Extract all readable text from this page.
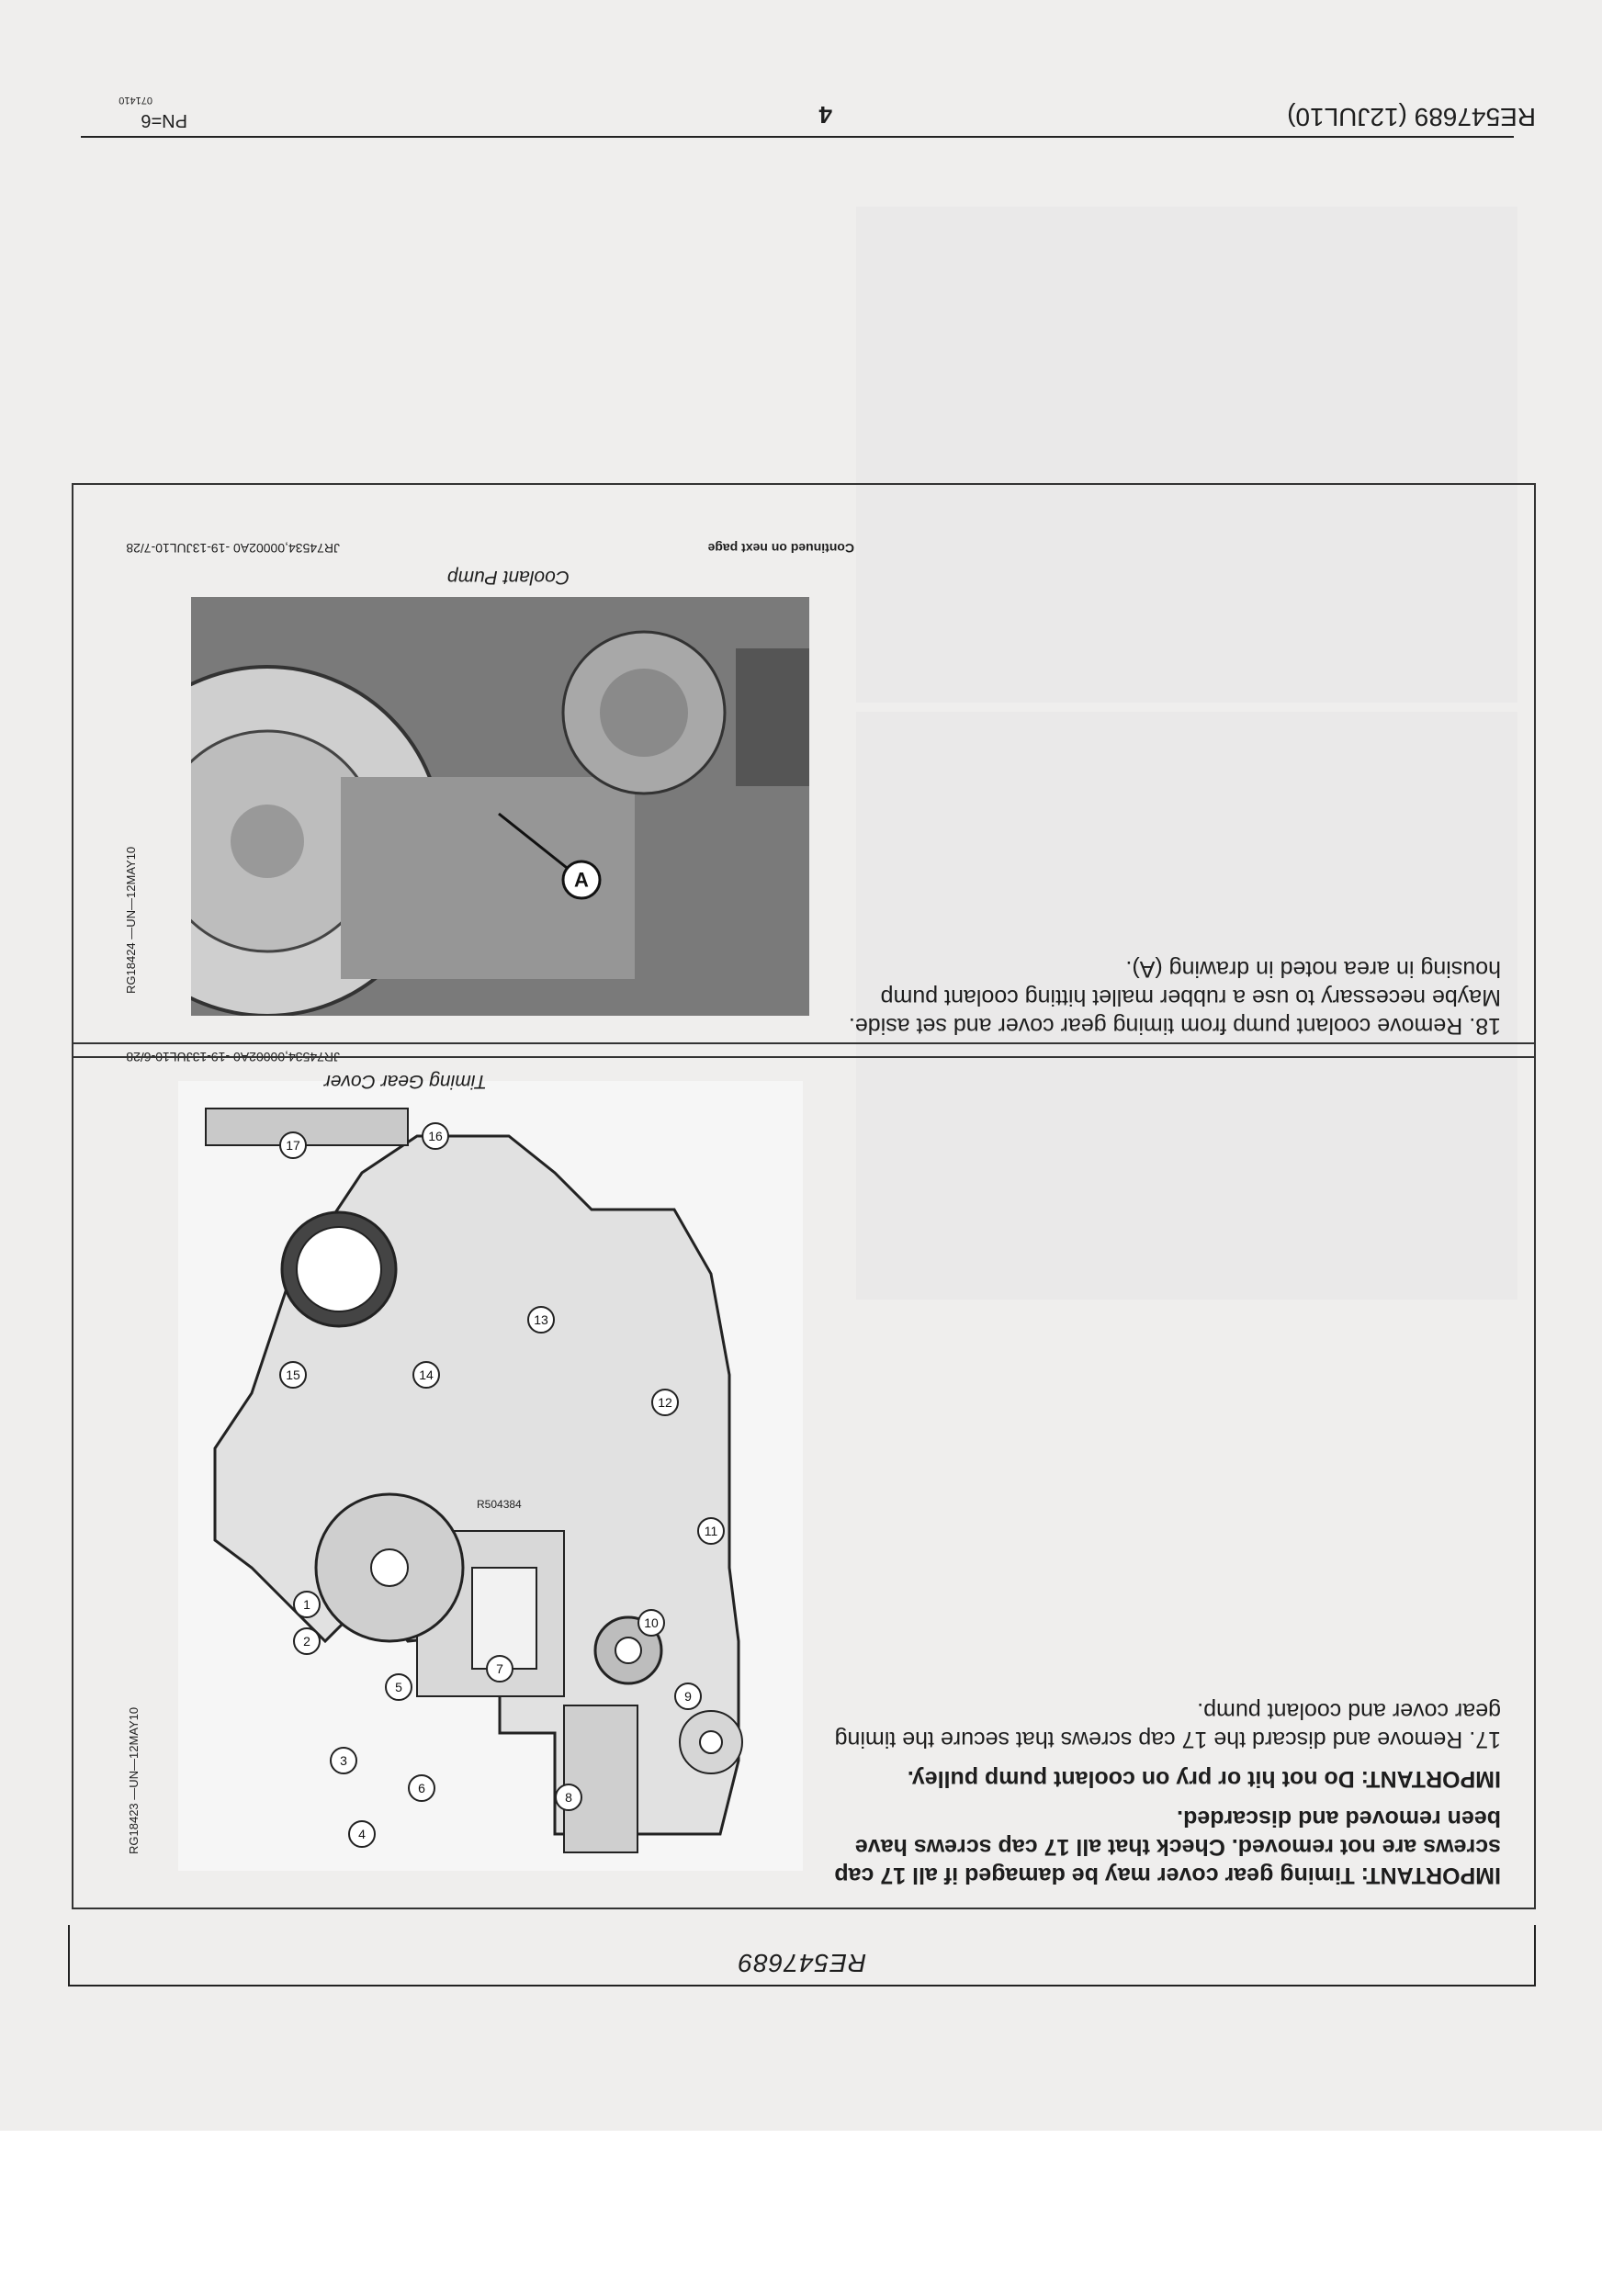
RE547689

IMPORTANT: Timing gear cover may be damaged if all 17 cap screws are not removed. Check that all 17 cap screws have been removed and discarded.

IMPORTANT: Do not hit or pry on coolant pump pulley.

17. Remove and discard the 17 cap screws that secure the timing gear cover and coolant pump.

R504384
1
2
3
4
5
6
7
8
9
10
11
12
13
14
15
16
17
RG18423 —UN—12MAY10
Timing Gear Cover
JR74534,00002A0 -19-13JUL10-6/28

18. Remove coolant pump from timing gear cover and set aside. Maybe necessary to use a rubber mallet hitting coolant pump housing in area noted in drawing (A).

A
RG18424 —UN—12MAY10
Coolant Pump
JR74534,00002A0 -19-13JUL10-7/28	Continued on next page
RE547689 (12JUL10)
4
PN=6
071410
